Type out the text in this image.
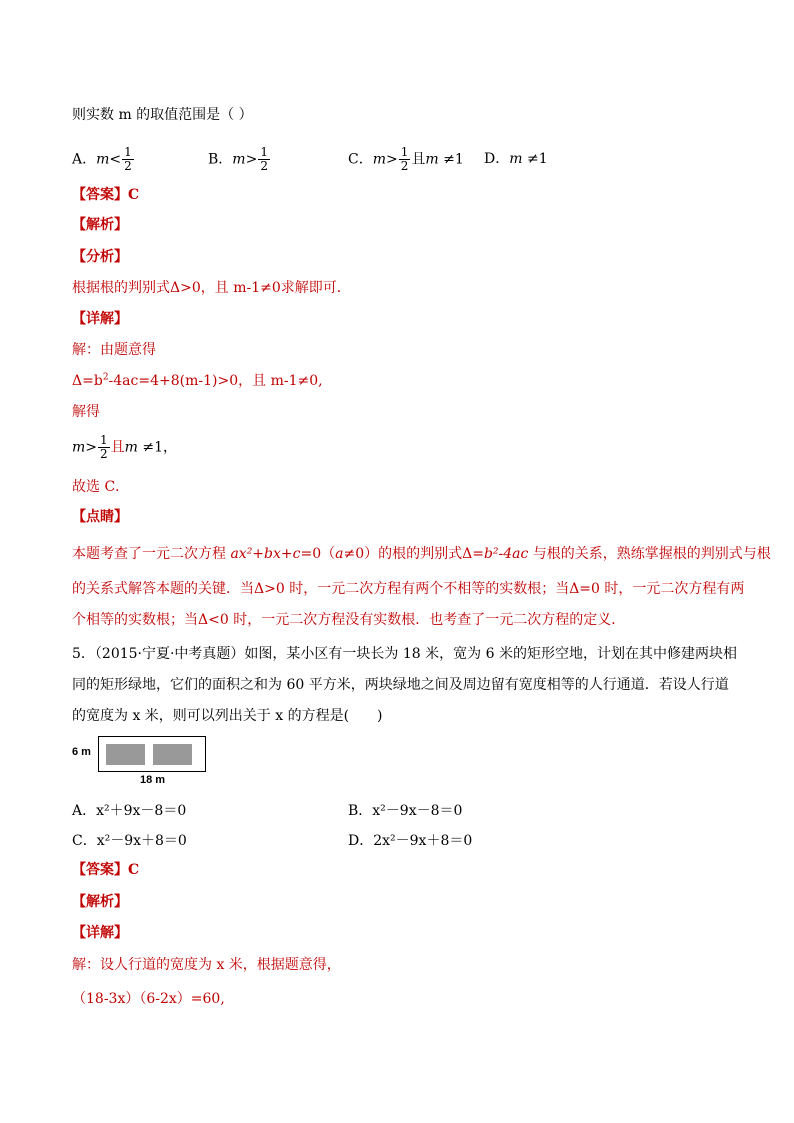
则实数 m 的取值范围是（ ）
A．$m< \frac{1}{2}$	B．$m> \frac{1}{2}$	C．$m> \frac{1}{2}$ 且m ≠1 D．m ≠1
【答案】C
【解析】
【分析】
根据根的判别式Δ>0，且 m-1≠0求解即可．
【详解】
解：由题意得
$\Delta=b^2-4ac=4+8(m-1)>0$，且 m-1≠0,
解得
$m> \frac{1}{2}$ 且m ≠1，
故选 C．
【点睛】
本题考查了一元二次方程 ax²+bx+c=0（a≠0）的根的判别式Δ=b²-4ac 与根的关系，熟练掌握根的判别式与根
的关系式解答本题的关键．当Δ>0 时，一元二次方程有两个不相等的实数根；当Δ=0 时，一元二次方程有两
个相等的实数根；当Δ<0 时，一元二次方程没有实数根．也考查了一元二次方程的定义．
5．（2015·宁夏·中考真题）如图，某小区有一块长为 18 米，宽为 6 米的矩形空地，计划在其中修建两块相
同的矩形绿地，它们的面积之和为 60 平方米，两块绿地之间及周边留有宽度相等的人行通道．若设人行道
的宽度为 x 米，则可以列出关于 x 的方程是(　　)
6 m
18 m
A．x²＋9x－8＝0	B．x²－9x－8＝0
C．x²－9x＋8＝0	D．2x²－9x＋8＝0
【答案】C
【解析】
【详解】
解：设人行道的宽度为 x 米，根据题意得，
（18-3x）（6-2x）=60,
